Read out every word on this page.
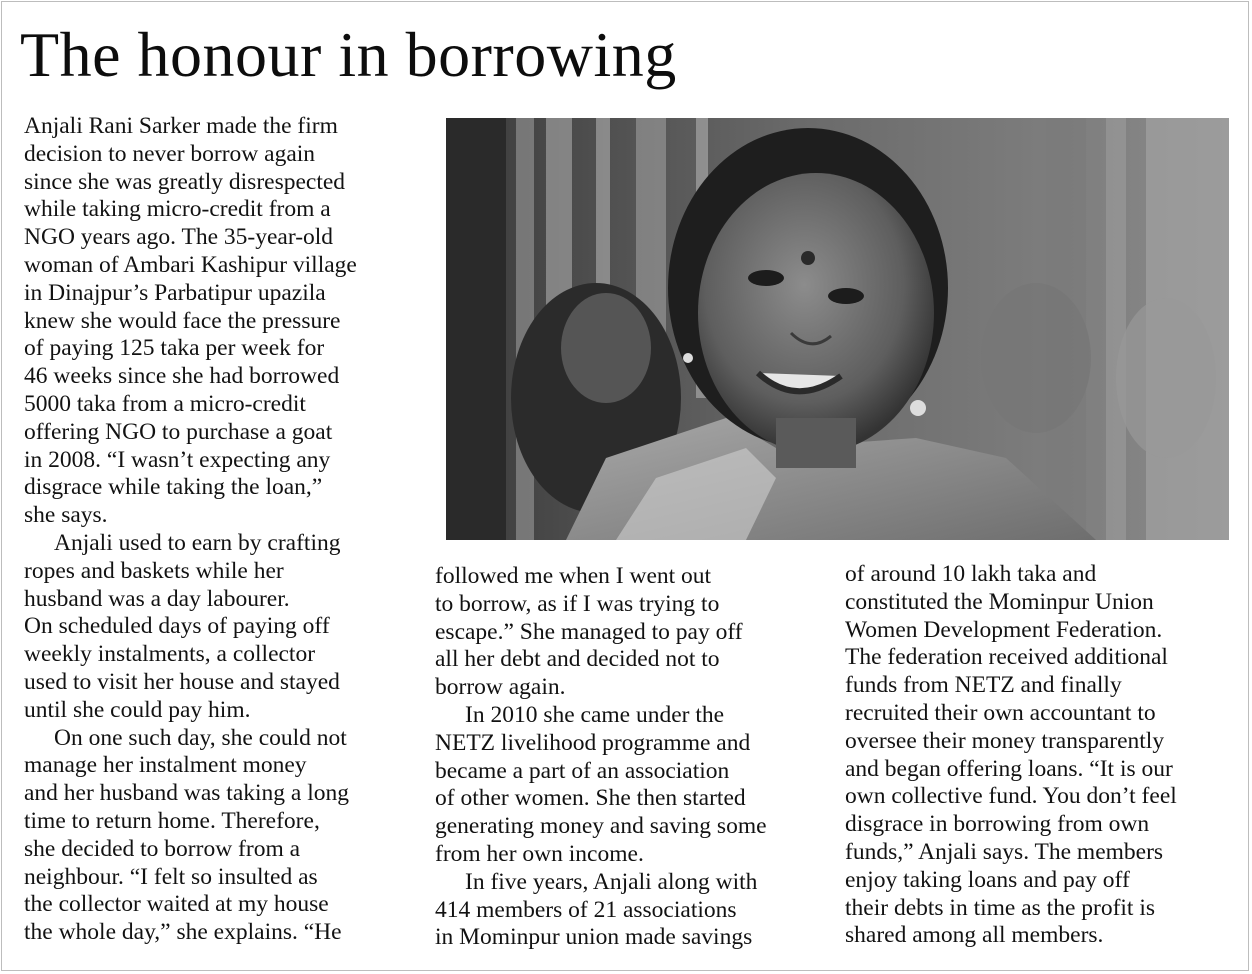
The honour in borrowing

Anjali Rani Sarker made the firm
decision to never borrow again
since she was greatly disrespected
while taking micro-credit from a
NGO years ago. The 35-year-old
woman of Ambari Kashipur village
in Dinajpur’s Parbatipur upazila
knew she would face the pressure
of paying 125 taka per week for
46 weeks since she had borrowed
5000 taka from a micro-credit
offering NGO to purchase a goat
in 2008. “I wasn’t expecting any
disgrace while taking the loan,”
she says.

Anjali used to earn by crafting
ropes and baskets while her
husband was a day labourer.
On scheduled days of paying off
weekly instalments, a collector
used to visit her house and stayed
until she could pay him.

On one such day, she could not
manage her instalment money
and her husband was taking a long
time to return home. Therefore,
she decided to borrow from a
neighbour. “I felt so insulted as
the collector waited at my house
the whole day,” she explains. “He

followed me when I went out
to borrow, as if I was trying to
escape.” She managed to pay off
all her debt and decided not to
borrow again.

In 2010 she came under the
NETZ livelihood programme and
became a part of an association
of other women. She then started
generating money and saving some
from her own income.

In five years, Anjali along with
414 members of 21 associations
in Mominpur union made savings

of around 10 lakh taka and
constituted the Mominpur Union
Women Development Federation.
The federation received additional
funds from NETZ and finally
recruited their own accountant to
oversee their money transparently
and began offering loans. “It is our
own collective fund. You don’t feel
disgrace in borrowing from own
funds,” Anjali says. The members
enjoy taking loans and pay off
their debts in time as the profit is
shared among all members.
